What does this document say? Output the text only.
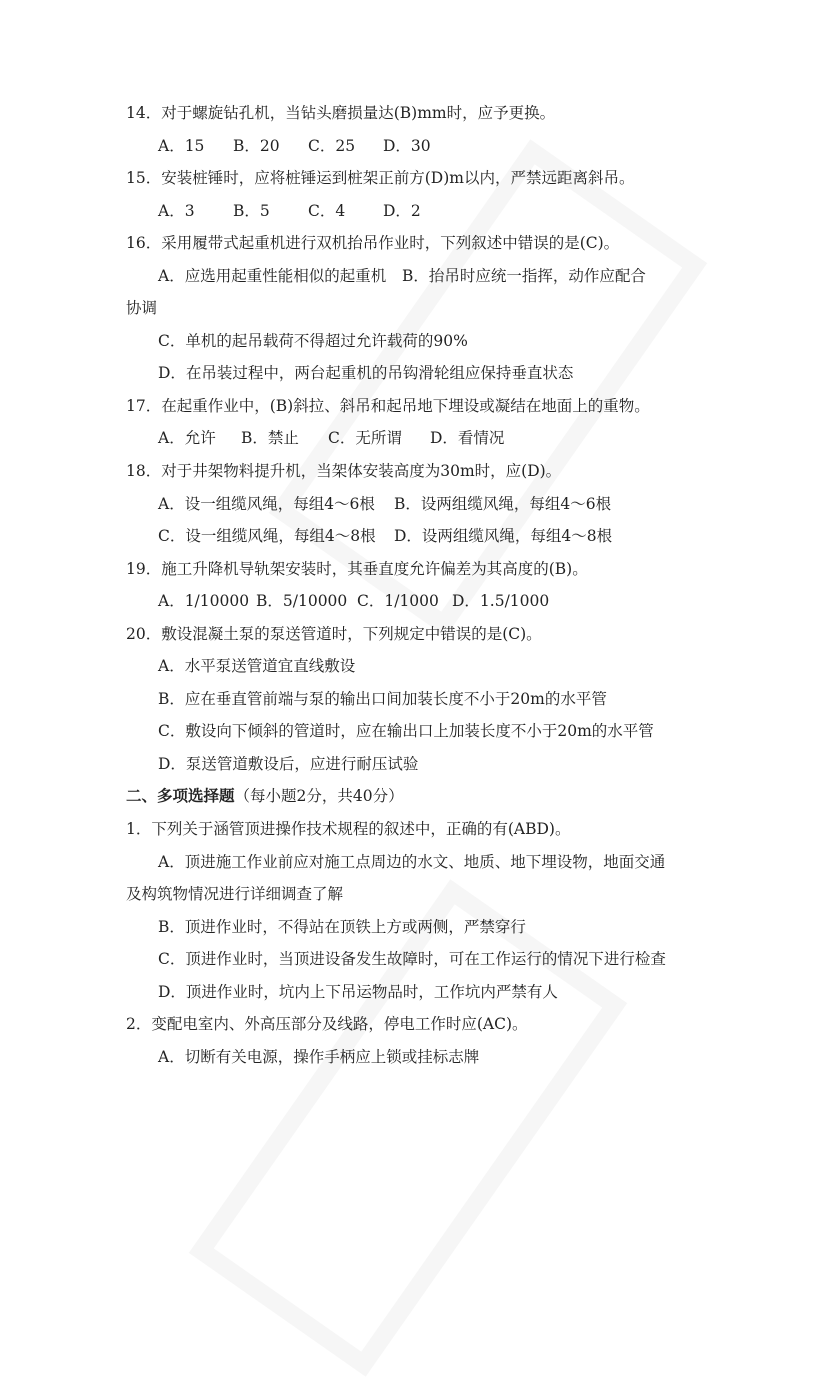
14．对于螺旋钻孔机，当钻头磨损量达(B)mm时，应予更换。
A．15 B．20 C．25 D．30
15．安装桩锤时，应将桩锤运到桩架正前方(D)m以内，严禁远距离斜吊。
A．3 B．5 C．4 D．2
16．采用履带式起重机进行双机抬吊作业时，下列叙述中错误的是(C)。
A．应选用起重性能相似的起重机 B．抬吊时应统一指挥，动作应配合
协调
C．单机的起吊载荷不得超过允许载荷的90%
D．在吊装过程中，两台起重机的吊钩滑轮组应保持垂直状态
17．在起重作业中，(B)斜拉、斜吊和起吊地下埋设或凝结在地面上的重物。
A．允许 B．禁止 C．无所谓 D．看情况
18．对于井架物料提升机，当架体安装高度为30m时，应(D)。
A．设一组缆风绳，每组4～6根 B．设两组缆风绳，每组4～6根
C．设一组缆风绳，每组4～8根 D．设两组缆风绳，每组4～8根
19．施工升降机导轨架安装时，其垂直度允许偏差为其高度的(B)。
A．1/10000 B．5/10000 C．1/1000 D．1.5/1000
20．敷设混凝土泵的泵送管道时，下列规定中错误的是(C)。
A．水平泵送管道宜直线敷设
B．应在垂直管前端与泵的输出口间加装长度不小于20m的水平管
C．敷设向下倾斜的管道时，应在输出口上加装长度不小于20m的水平管
D．泵送管道敷设后，应进行耐压试验
二、多项选择题（每小题2分，共40分）
1．下列关于涵管顶进操作技术规程的叙述中，正确的有(ABD)。
A．顶进施工作业前应对施工点周边的水文、地质、地下埋设物，地面交通
及构筑物情况进行详细调查了解
B．顶进作业时，不得站在顶铁上方或两侧，严禁穿行
C．顶进作业时，当顶进设备发生故障时，可在工作运行的情况下进行检查
D．顶进作业时，坑内上下吊运物品时，工作坑内严禁有人
2．变配电室内、外高压部分及线路，停电工作时应(AC)。
A．切断有关电源，操作手柄应上锁或挂标志牌
